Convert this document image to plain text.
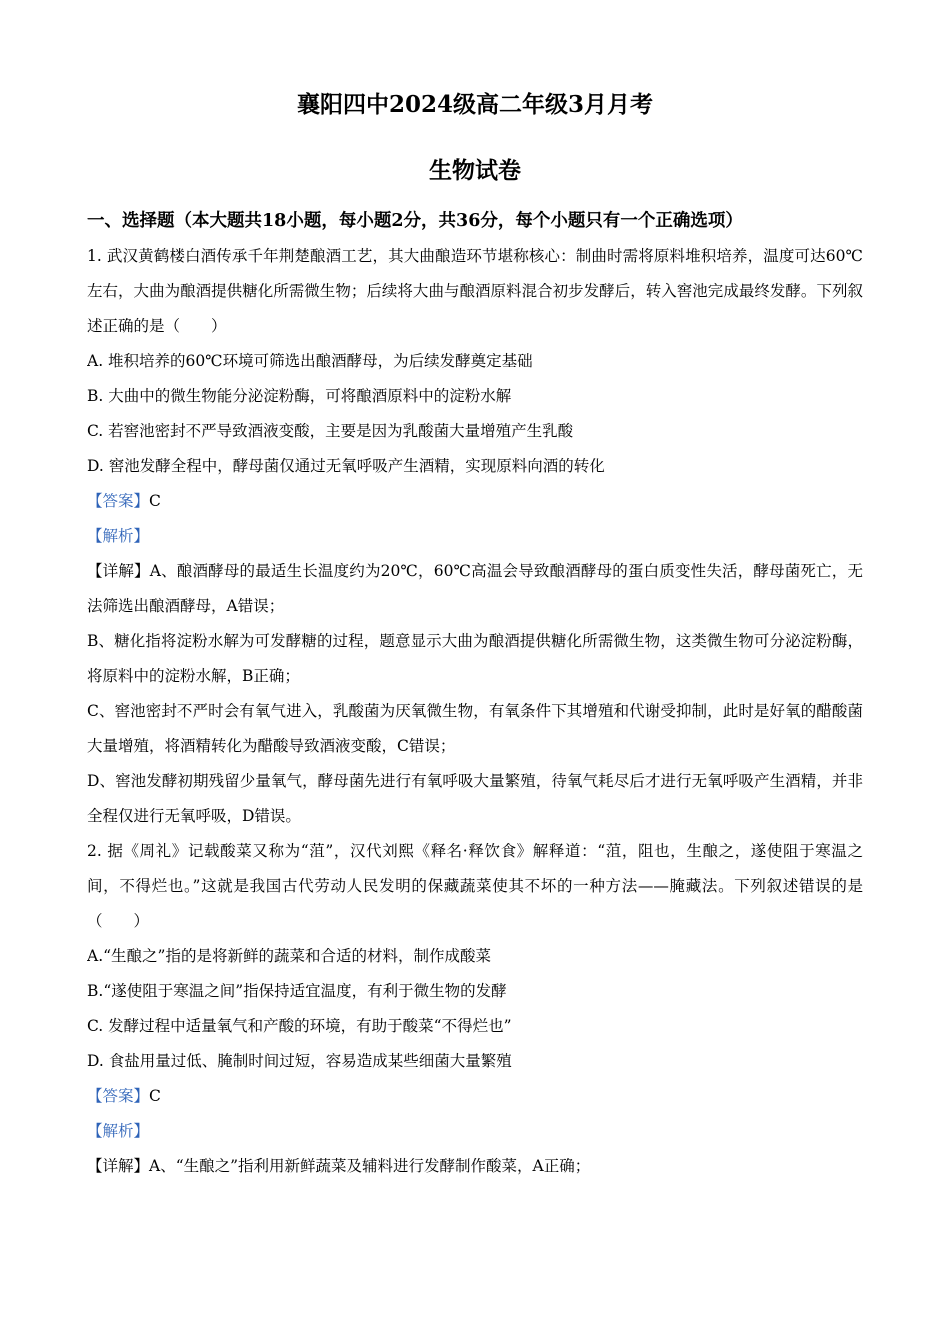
襄阳四中2024级高二年级3月月考
生物试卷
一、选择题（本大题共18小题，每小题2分，共36分，每个小题只有一个正确选项）
1. 武汉黄鹤楼白酒传承千年荆楚酿酒工艺，其大曲酿造环节堪称核心：制曲时需将原料堆积培养，温度可达60℃左右，大曲为酿酒提供糖化所需微生物；后续将大曲与酿酒原料混合初步发酵后，转入窖池完成最终发酵。下列叙述正确的是（　　）
A. 堆积培养的60℃环境可筛选出酿酒酵母，为后续发酵奠定基础
B. 大曲中的微生物能分泌淀粉酶，可将酿酒原料中的淀粉水解
C. 若窖池密封不严导致酒液变酸，主要是因为乳酸菌大量增殖产生乳酸
D. 窖池发酵全程中，酵母菌仅通过无氧呼吸产生酒精，实现原料向酒的转化
【答案】C
【解析】
【详解】A、酿酒酵母的最适生长温度约为20℃，60℃高温会导致酿酒酵母的蛋白质变性失活，酵母菌死亡，无法筛选出酿酒酵母，A错误；
B、糖化指将淀粉水解为可发酵糖的过程，题意显示大曲为酿酒提供糖化所需微生物，这类微生物可分泌淀粉酶，将原料中的淀粉水解，B正确；
C、窖池密封不严时会有氧气进入，乳酸菌为厌氧微生物，有氧条件下其增殖和代谢受抑制，此时是好氧的醋酸菌大量增殖，将酒精转化为醋酸导致酒液变酸，C错误；
D、窖池发酵初期残留少量氧气，酵母菌先进行有氧呼吸大量繁殖，待氧气耗尽后才进行无氧呼吸产生酒精，并非全程仅进行无氧呼吸，D错误。
2. 据《周礼》记载酸菜又称为“菹”，汉代刘熙《释名·释饮食》解释道：“菹，阻也，生酿之，遂使阻于寒温之间，不得烂也。”这就是我国古代劳动人民发明的保藏蔬菜使其不坏的一种方法——腌藏法。下列叙述错误的是（　　）
A.“生酿之”指的是将新鲜的蔬菜和合适的材料，制作成酸菜
B.“遂使阻于寒温之间”指保持适宜温度，有利于微生物的发酵
C. 发酵过程中适量氧气和产酸的环境，有助于酸菜“不得烂也”
D. 食盐用量过低、腌制时间过短，容易造成某些细菌大量繁殖
【答案】C
【解析】
【详解】A、“生酿之”指利用新鲜蔬菜及辅料进行发酵制作酸菜，A正确；
